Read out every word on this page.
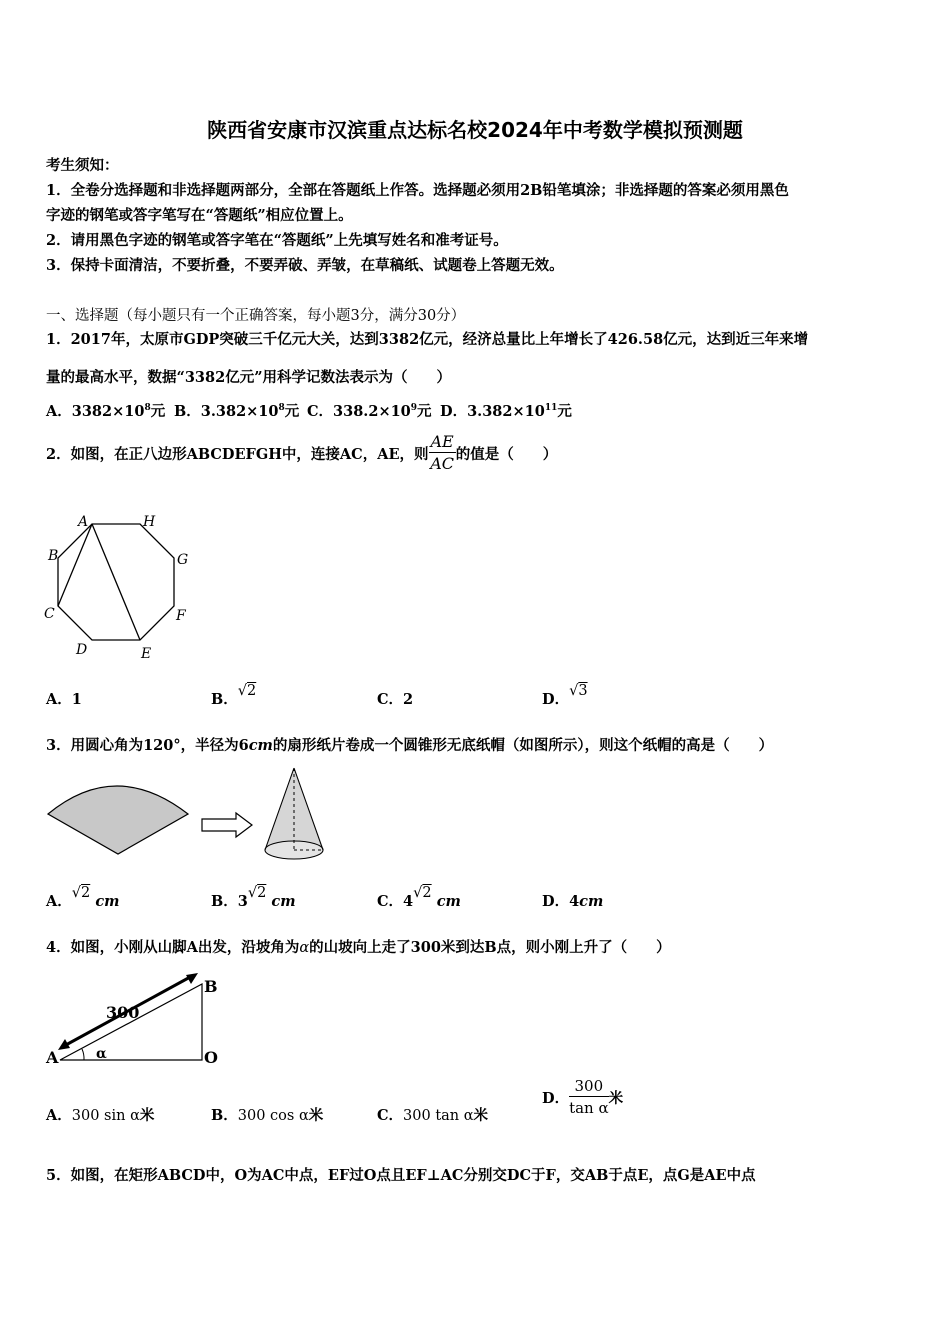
陕西省安康市汉滨重点达标名校2024年中考数学模拟预测题
考生须知：
1．全卷分选择题和非选择题两部分，全部在答题纸上作答。选择题必须用2B铅笔填涂；非选择题的答案必须用黑色
字迹的钢笔或答字笔写在“答题纸”相应位置上。
2．请用黑色字迹的钢笔或答字笔在“答题纸”上先填写姓名和准考证号。
3．保持卡面清洁，不要折叠，不要弄破、弄皱，在草稿纸、试题卷上答题无效。
一、选择题（每小题只有一个正确答案，每小题3分，满分30分）
1．2017年，太原市GDP突破三千亿元大关，达到3382亿元，经济总量比上年增长了426.58亿元，达到近三年来增
量的最高水平，数据“3382亿元”用科学记数法表示为（　　）
A．$3382\times 10^8$元 B．$3.382\times 10^8$元 C．$338.2\times 10^9$元 D．$3.382\times 10^{11}$元
2．如图，在正八边形ABCDEFGH中，连接AC，AE，则 $\frac{AE}{AC}$ 的值是（　　）
A	H
G
F
E
D
C
B
A．1	B．√2	C．2	D．√3
3．用圆心角为120°，半径为6cm的扇形纸片卷成一个圆锥形无底纸帽（如图所示），则这个纸帽的高是（　　）
A．√2 cm	B．3√2 cm	C．4√2 cm	D．4cm
4．如图，小刚从山脚A出发，沿坡角为α的山坡向上走了300米到达B点，则小刚上升了（　　）
300
A
B
O
α
A．300 sin α米	B．300 cos α米	C．300 tan α米
D． $\frac{300}{\text{tan α}}$ 米
5．如图，在矩形ABCD中，O为AC中点，EF过O点且EF⊥AC分别交DC于F，交AB于点E，点G是AE中点
